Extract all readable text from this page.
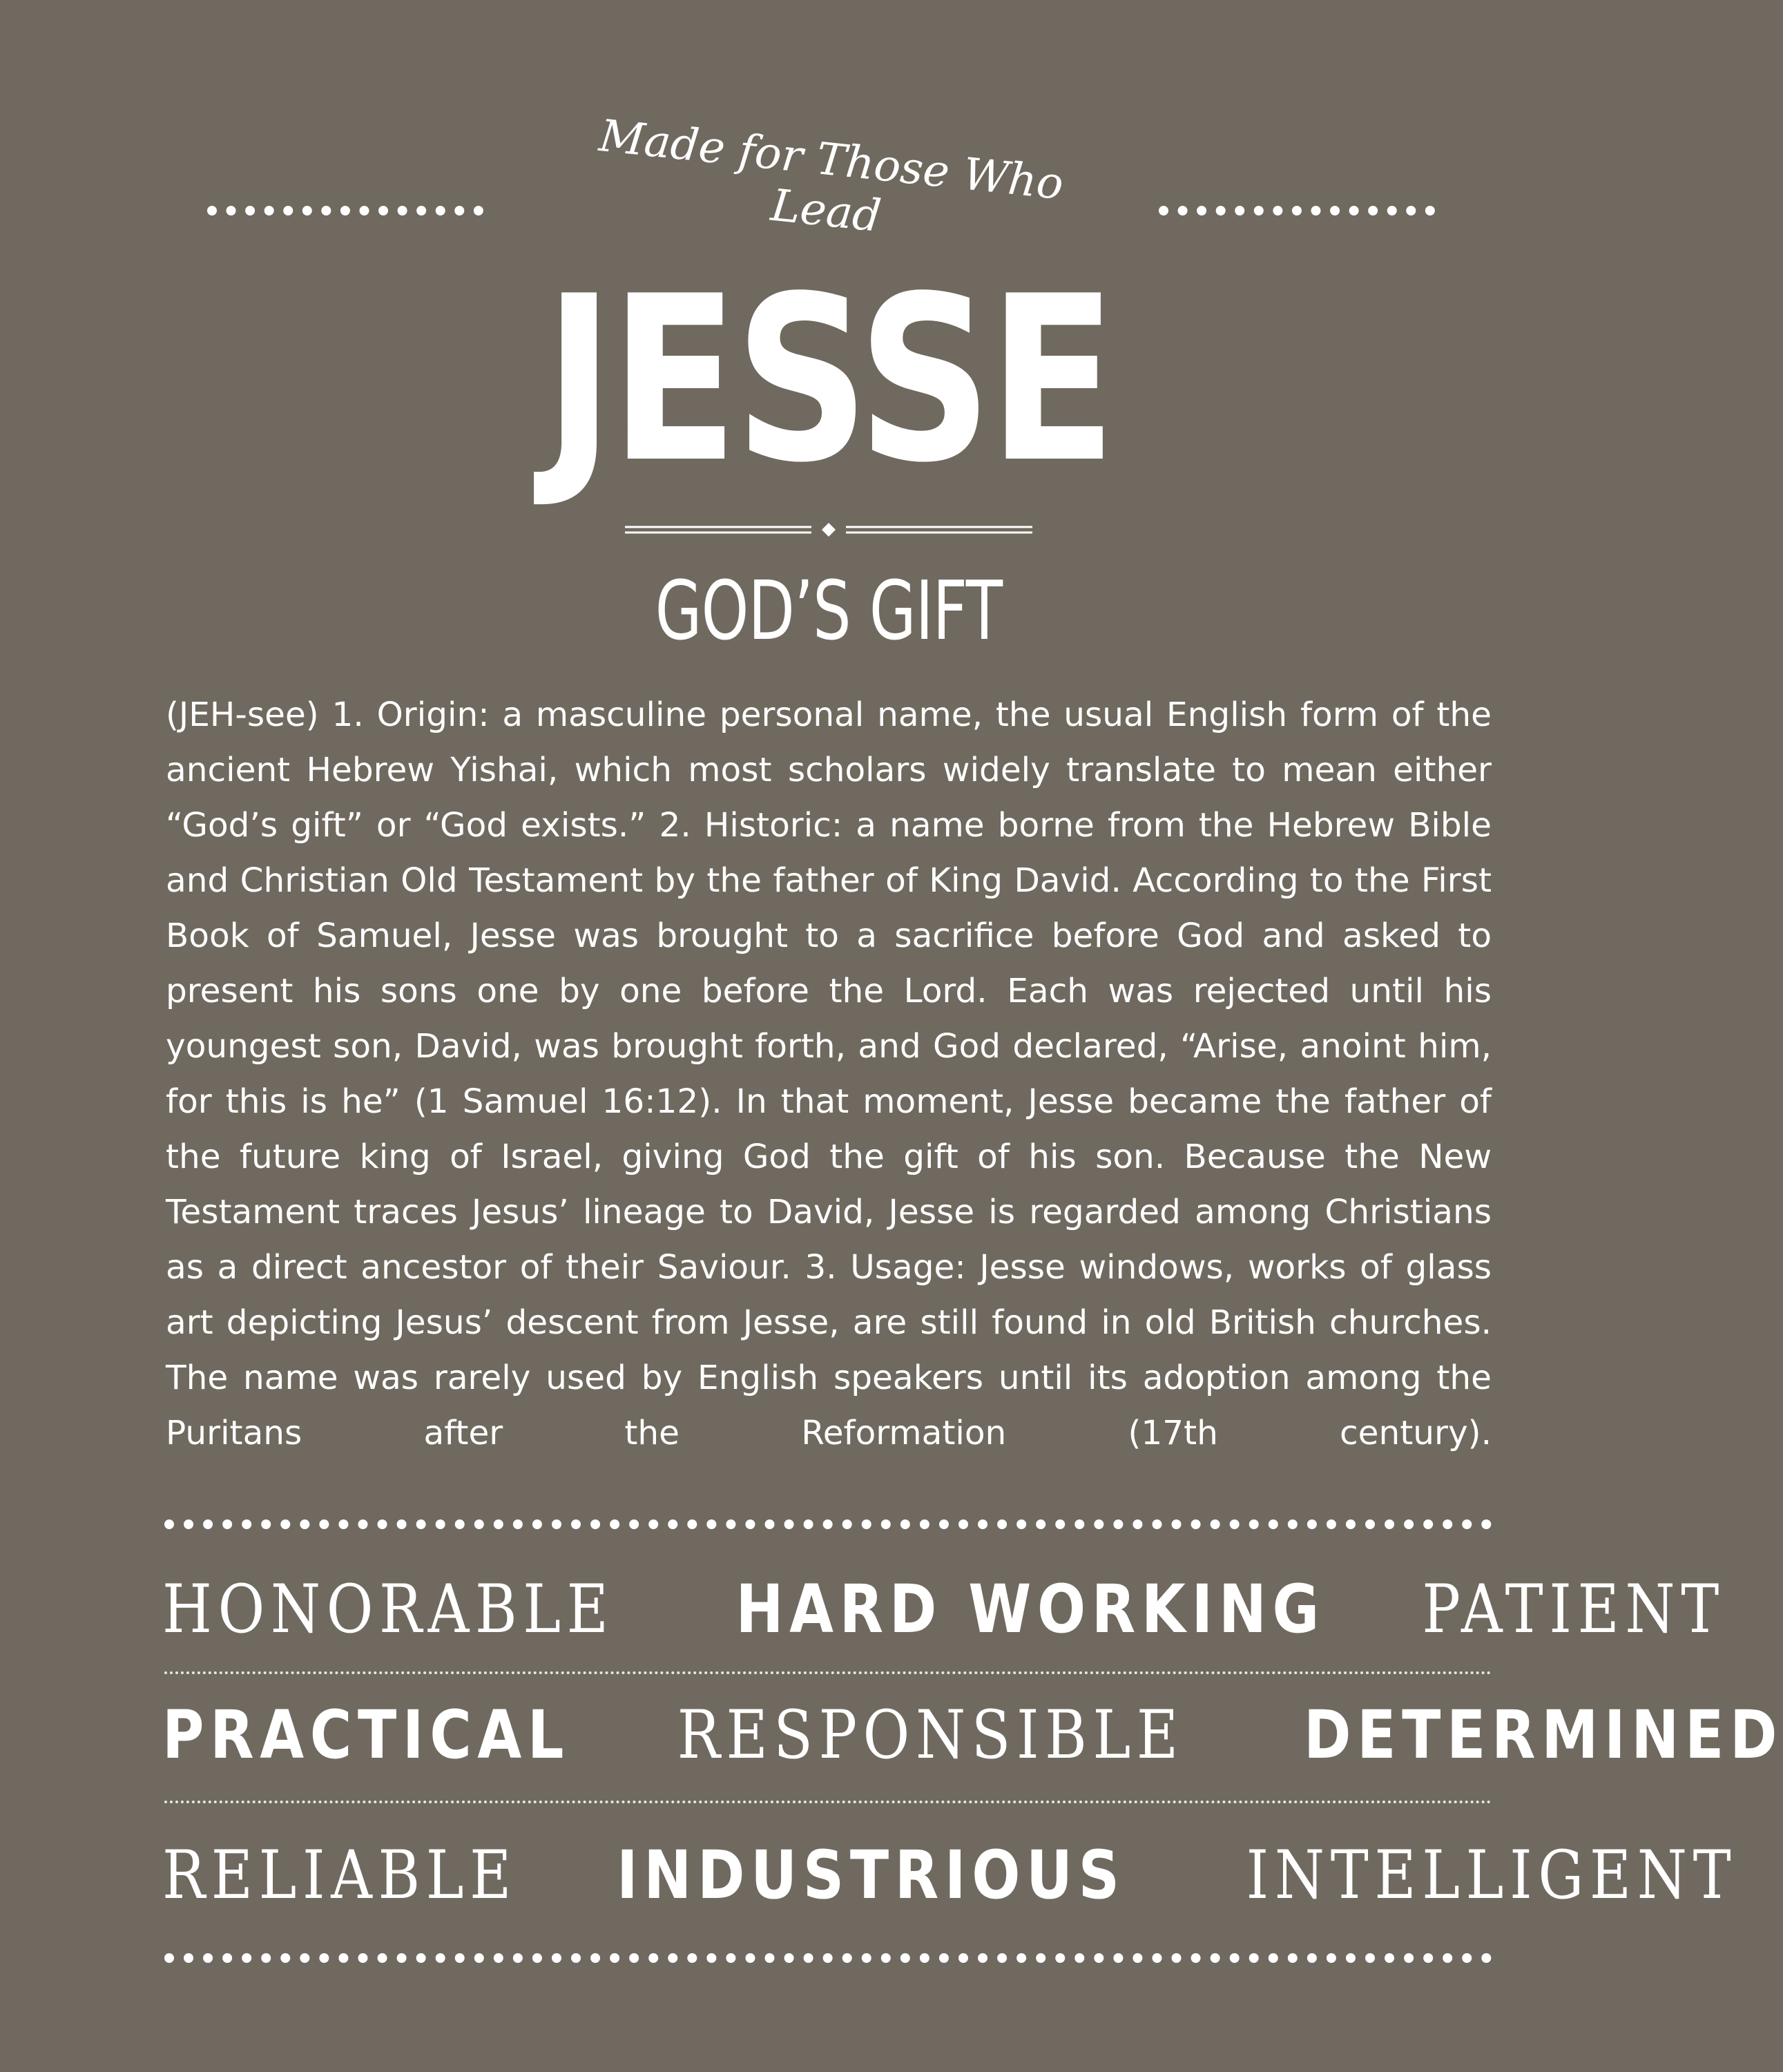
Made for Those Who Lead
JESSE
GOD’S GIFT
(JEH-see) 1. Origin: a masculine personal name, the usual English form of the ancient Hebrew Yishai, which most scholars widely translate to mean either “God’s gift” or “God exists.” 2. Historic: a name borne from the Hebrew Bible and Christian Old Testament by the father of King David. According to the First Book of Samuel, Jesse was brought to a sacrifice before God and asked to present his sons one by one before the Lord. Each was rejected until his youngest son, David, was brought forth, and God declared, “Arise, anoint him, for this is he” (1 Samuel 16:12). In that moment, Jesse became the father of the future king of Israel, giving God the gift of his son. Because the New Testament traces Jesus’ lineage to David, Jesse is regarded among Christians as a direct ancestor of their Saviour. 3. Usage: Jesse windows, works of glass art depicting Jesus’ descent from Jesse, are still found in old British churches. The name was rarely used by English speakers until its adoption among the Puritans after the Reformation (17th century).
HONORABLE HARD WORKING PATIENT
PRACTICAL RESPONSIBLE DETERMINED
RELIABLE INDUSTRIOUS INTELLIGENT
